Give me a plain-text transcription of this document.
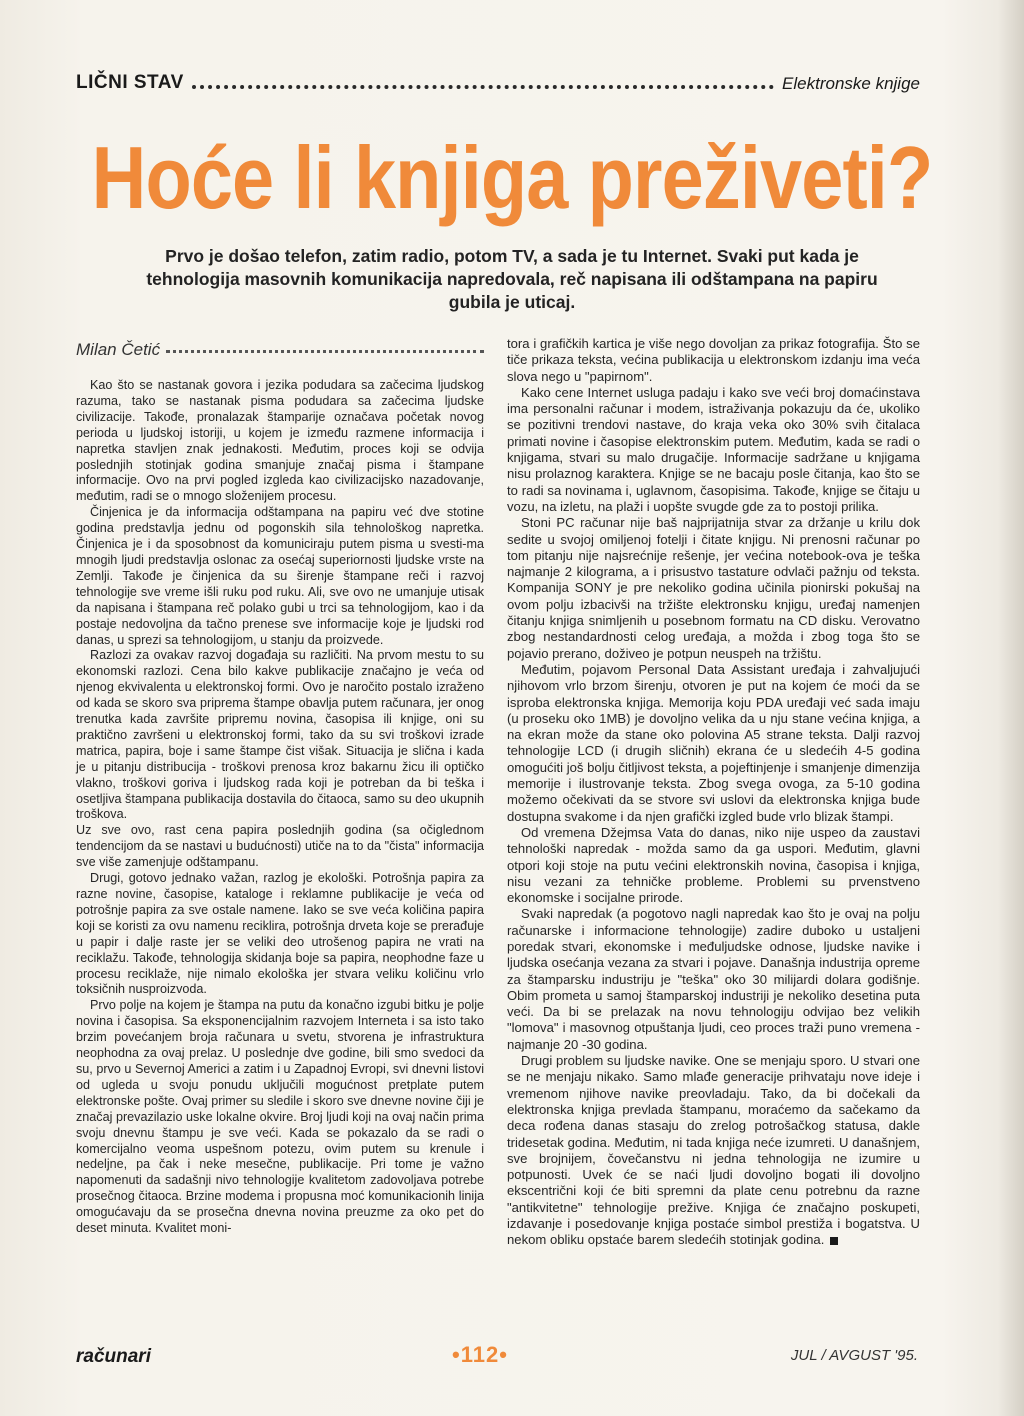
LIČNI STAV	Elektronske knjige
Hoće li knjiga preživeti?
Prvo je došao telefon, zatim radio, potom TV, a sada je tu Internet. Svaki put kada je tehnologija masovnih komunikacija napredovala, reč napisana ili odštampana na papiru gubila je uticaj.
Milan Četić

Kao što se nastanak govora i jezika podudara sa začecima ljudskog razuma, tako se nastanak pisma podudara sa začecima ljudske civilizacije. Takođe, pronalazak štamparije označava početak novog perioda u ljudskoj istoriji, u kojem je između razmene informacija i napretka stavljen znak jednakosti. Međutim, proces koji se odvija poslednjih stotinjak godina smanjuje značaj pisma i štampane informacije. Ovo na prvi pogled izgleda kao civilizacijsko nazadovanje, međutim, radi se o mnogo složenijem procesu.

Činjenica je da informacija odštampana na papiru već dve stotine godina predstavlja jednu od pogonskih sila tehnološkog napretka. Činjenica je i da sposobnost da komuniciraju putem pisma u svesti-ma mnogih ljudi predstavlja oslonac za osećaj superiornosti ljudske vrste na Zemlji. Takođe je činjenica da su širenje štampane reči i razvoj tehnologije sve vreme išli ruku pod ruku. Ali, sve ovo ne umanjuje utisak da napisana i štampana reč polako gubi u trci sa tehnologijom, kao i da postaje nedovoljna da tačno prenese sve informacije koje je ljudski rod danas, u sprezi sa tehnologijom, u stanju da proizvede.

Razlozi za ovakav razvoj događaja su različiti. Na prvom mestu to su ekonomski razlozi. Cena bilo kakve publikacije značajno je veća od njenog ekvivalenta u elektronskoj formi. Ovo je naročito postalo izraženo od kada se skoro sva priprema štampe obavlja putem računara, jer onog trenutka kada završite pripremu novina, časopisa ili knjige, oni su praktično završeni u elektronskoj formi, tako da su svi troškovi izrade matrica, papira, boje i same štampe čist višak. Situacija je slična i kada je u pitanju distribucija - troškovi prenosa kroz bakarnu žicu ili optičko vlakno, troškovi goriva i ljudskog rada koji je potreban da bi teška i osetljiva štampana publikacija dostavila do čitaoca, samo su deo ukupnih troškova.

Uz sve ovo, rast cena papira poslednjih godina (sa očiglednom tendencijom da se nastavi u budućnosti) utiče na to da "čista" informacija sve više zamenjuje odštampanu.

Drugi, gotovo jednako važan, razlog je ekološki. Potrošnja papira za razne novine, časopise, kataloge i reklamne publikacije je veća od potrošnje papira za sve ostale namene. Iako se sve veća količina papira koji se koristi za ovu namenu reciklira, potrošnja drveta koje se prerađuje u papir i dalje raste jer se veliki deo utrošenog papira ne vrati na reciklažu. Takođe, tehnologija skidanja boje sa papira, neophodne faze u procesu reciklaže, nije nimalo ekološka jer stvara veliku količinu vrlo toksičnih nusproizvoda.

Prvo polje na kojem je štampa na putu da konačno izgubi bitku je polje novina i časopisa. Sa eksponencijalnim razvojem Interneta i sa isto tako brzim povećanjem broja računara u svetu, stvorena je infrastruktura neophodna za ovaj prelaz. U poslednje dve godine, bili smo svedoci da su, prvo u Severnoj Americi a zatim i u Zapadnoj Evropi, svi dnevni listovi od ugleda u svoju ponudu uključili mogućnost pretplate putem elektronske pošte. Ovaj primer su sledile i skoro sve dnevne novine čiji je značaj prevazilazio uske lokalne okvire. Broj ljudi koji na ovaj način prima svoju dnevnu štampu je sve veći. Kada se pokazalo da se radi o komercijalno veoma uspešnom potezu, ovim putem su krenule i nedeljne, pa čak i neke mesečne, publikacije. Pri tome je važno napomenuti da sadašnji nivo tehnologije kvalitetom zadovoljava potrebe prosečnog čitaoca. Brzine modema i propusna moć komunikacionih linija omogućavaju da se prosečna dnevna novina preuzme za oko pet do deset minuta. Kvalitet moni-

tora i grafičkih kartica je više nego dovoljan za prikaz fotografija. Što se tiče prikaza teksta, većina publikacija u elektronskom izdanju ima veća slova nego u "papirnom".

Kako cene Internet usluga padaju i kako sve veći broj domaćinstava ima personalni računar i modem, istraživanja pokazuju da će, ukoliko se pozitivni trendovi nastave, do kraja veka oko 30% svih čitalaca primati novine i časopise elektronskim putem. Međutim, kada se radi o knjigama, stvari su malo drugačije. Informacije sadržane u knjigama nisu prolaznog karaktera. Knjige se ne bacaju posle čitanja, kao što se to radi sa novinama i, uglavnom, časopisima. Takođe, knjige se čitaju u vozu, na izletu, na plaži i uopšte svugde gde za to postoji prilika.

Stoni PC računar nije baš najprijatnija stvar za držanje u krilu dok sedite u svojoj omiljenoj fotelji i čitate knjigu. Ni prenosni računar po tom pitanju nije najsrećnije rešenje, jer većina notebook-ova je teška najmanje 2 kilograma, a i prisustvo tastature odvlači pažnju od teksta. Kompanija SONY je pre nekoliko godina učinila pionirski pokušaj na ovom polju izbacivši na tržište elektronsku knjigu, uređaj namenjen čitanju knjiga snimljenih u posebnom formatu na CD disku. Verovatno zbog nestandardnosti celog uređaja, a možda i zbog toga što se pojavio prerano, doživeo je potpun neuspeh na tržištu.

Međutim, pojavom Personal Data Assistant uređaja i zahvaljujući njihovom vrlo brzom širenju, otvoren je put na kojem će moći da se isproba elektronska knjiga. Memorija koju PDA uređaji već sada imaju (u proseku oko 1MB) je dovoljno velika da u nju stane većina knjiga, a na ekran može da stane oko polovina A5 strane teksta. Dalji razvoj tehnologije LCD (i drugih sličnih) ekrana će u sledećih 4-5 godina omogućiti još bolju čitljivost teksta, a pojeftinjenje i smanjenje dimenzija memorije i ilustrovanje teksta. Zbog svega ovoga, za 5-10 godina možemo očekivati da se stvore svi uslovi da elektronska knjiga bude dostupna svakome i da njen grafički izgled bude vrlo blizak štampi.

Od vremena Džejmsa Vata do danas, niko nije uspeo da zaustavi tehnološki napredak - možda samo da ga uspori. Međutim, glavni otpori koji stoje na putu većini elektronskih novina, časopisa i knjiga, nisu vezani za tehničke probleme. Problemi su prvenstveno ekonomske i socijalne prirode.

Svaki napredak (a pogotovo nagli napredak kao što je ovaj na polju računarske i informacione tehnologije) zadire duboko u ustaljeni poredak stvari, ekonomske i međuljudske odnose, ljudske navike i ljudska osećanja vezana za stvari i pojave. Današnja industrija opreme za štamparsku industriju je "teška" oko 30 milijardi dolara godišnje. Obim prometa u samoj štamparskoj industriji je nekoliko desetina puta veći. Da bi se prelazak na novu tehnologiju odvijao bez velikih "lomova" i masovnog otpuštanja ljudi, ceo proces traži puno vremena - najmanje 20 -30 godina.

Drugi problem su ljudske navike. One se menjaju sporo. U stvari one se ne menjaju nikako. Samo mlađe generacije prihvataju nove ideje i vremenom njihove navike preovladaju. Tako, da bi dočekali da elektronska knjiga prevlada štampanu, moraćemo da sačekamo da deca rođena danas stasaju do zrelog potrošačkog statusa, dakle tridesetak godina. Međutim, ni tada knjiga neće izumreti. U današnjem, sve brojnijem, čovečanstvu ni jedna tehnologija ne izumire u potpunosti. Uvek će se naći ljudi dovoljno bogati ili dovoljno ekscentrični koji će biti spremni da plate cenu potrebnu da razne "antikvitetne" tehnologije prežive. Knjiga će značajno poskupeti, izdavanje i posedovanje knjiga postaće simbol prestiža i bogatstva. U nekom obliku opstaće barem sledećih stotinjak godina.

računari	•112•	JUL / AVGUST '95.
